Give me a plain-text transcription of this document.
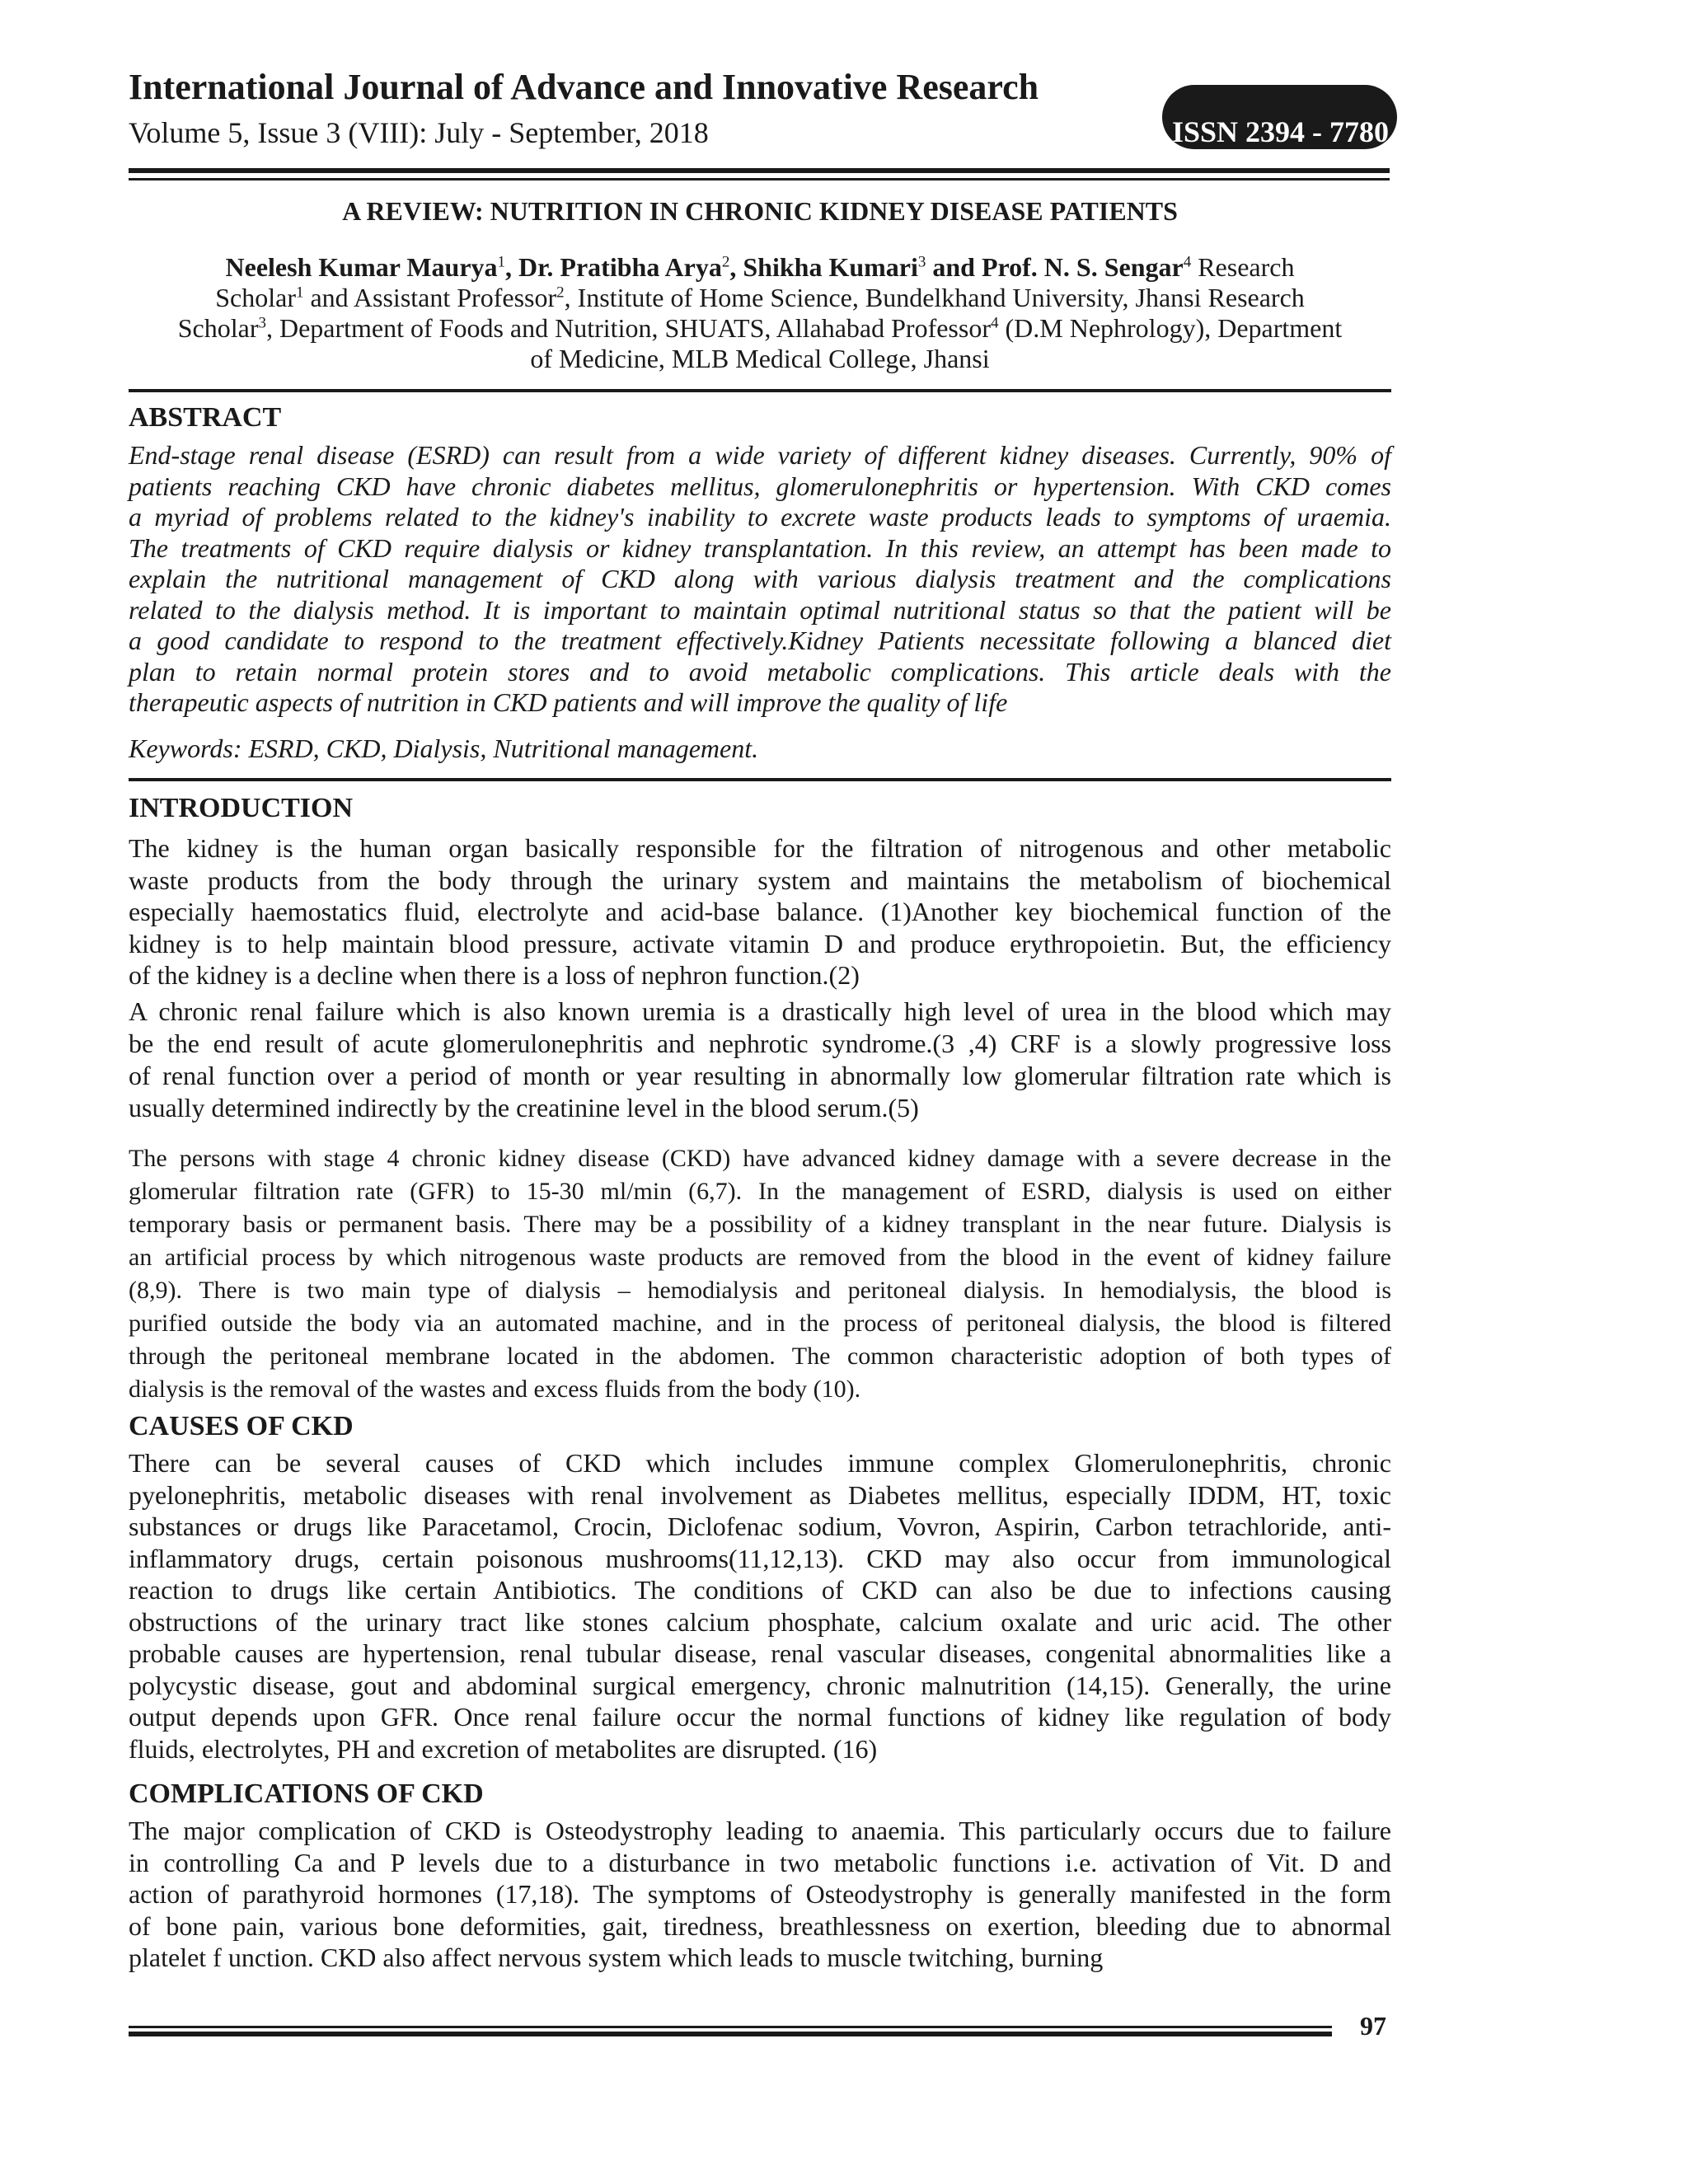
International Journal of Advance and Innovative Research
Volume 5, Issue 3 (VIII): July - September, 2018	ISSN 2394 - 7780
A REVIEW: NUTRITION IN CHRONIC KIDNEY DISEASE PATIENTS
Neelesh Kumar Maurya$^1$, Dr. Pratibha Arya$^2$, Shikha Kumari$^3$ and Prof. N. S. Sengar$^4$ Research
Scholar$^1$ and Assistant Professor$^2$, Institute of Home Science, Bundelkhand University, Jhansi Research
Scholar$^3$, Department of Foods and Nutrition, SHUATS, Allahabad Professor$^4$ (D.M Nephrology), Department
of Medicine, MLB Medical College, Jhansi
ABSTRACT
End-stage renal disease (ESRD) can result from a wide variety of different kidney diseases. Currently, 90% of
patients reaching CKD have chronic diabetes mellitus, glomerulonephritis or hypertension. With CKD comes
a myriad of problems related to the kidney's inability to excrete waste products leads to symptoms of uraemia.
The treatments of CKD require dialysis or kidney transplantation. In this review, an attempt has been made to
explain the nutritional management of CKD along with various dialysis treatment and the complications
related to the dialysis method. It is important to maintain optimal nutritional status so that the patient will be
a good candidate to respond to the treatment effectively.Kidney Patients necessitate following a blanced diet
plan to retain normal protein stores and to avoid metabolic complications. This article deals with the
therapeutic aspects of nutrition in CKD patients and will improve the quality of life
Keywords: ESRD, CKD, Dialysis, Nutritional management.
INTRODUCTION
The kidney is the human organ basically responsible for the filtration of nitrogenous and other metabolic
waste products from the body through the urinary system and maintains the metabolism of biochemical
especially haemostatics fluid, electrolyte and acid-base balance. (1)Another key biochemical function of the
kidney is to help maintain blood pressure, activate vitamin D and produce erythropoietin. But, the efficiency
of the kidney is a decline when there is a loss of nephron function.(2)
A chronic renal failure which is also known uremia is a drastically high level of urea in the blood which may
be the end result of acute glomerulonephritis and nephrotic syndrome.(3 ,4) CRF is a slowly progressive loss
of renal function over a period of month or year resulting in abnormally low glomerular filtration rate which is
usually determined indirectly by the creatinine level in the blood serum.(5)
The persons with stage 4 chronic kidney disease (CKD) have advanced kidney damage with a severe decrease in the
glomerular filtration rate (GFR) to 15-30 ml/min (6,7). In the management of ESRD, dialysis is used on either
temporary basis or permanent basis. There may be a possibility of a kidney transplant in the near future. Dialysis is
an artificial process by which nitrogenous waste products are removed from the blood in the event of kidney failure
(8,9). There is two main type of dialysis – hemodialysis and peritoneal dialysis. In hemodialysis, the blood is
purified outside the body via an automated machine, and in the process of peritoneal dialysis, the blood is filtered
through the peritoneal membrane located in the abdomen. The common characteristic adoption of both types of
dialysis is the removal of the wastes and excess fluids from the body (10).
CAUSES OF CKD
There can be several causes of CKD which includes immune complex Glomerulonephritis, chronic
pyelonephritis, metabolic diseases with renal involvement as Diabetes mellitus, especially IDDM, HT, toxic
substances or drugs like Paracetamol, Crocin, Diclofenac sodium, Vovron, Aspirin, Carbon tetrachloride, anti-
inflammatory drugs, certain poisonous mushrooms(11,12,13). CKD may also occur from immunological
reaction to drugs like certain Antibiotics. The conditions of CKD can also be due to infections causing
obstructions of the urinary tract like stones calcium phosphate, calcium oxalate and uric acid. The other
probable causes are hypertension, renal tubular disease, renal vascular diseases, congenital abnormalities like a
polycystic disease, gout and abdominal surgical emergency, chronic malnutrition (14,15). Generally, the urine
output depends upon GFR. Once renal failure occur the normal functions of kidney like regulation of body
fluids, electrolytes, PH and excretion of metabolites are disrupted. (16)
COMPLICATIONS OF CKD
The major complication of CKD is Osteodystrophy leading to anaemia. This particularly occurs due to failure
in controlling Ca and P levels due to a disturbance in two metabolic functions i.e. activation of Vit. D and
action of parathyroid hormones (17,18). The symptoms of Osteodystrophy is generally manifested in the form
of bone pain, various bone deformities, gait, tiredness, breathlessness on exertion, bleeding due to abnormal
platelet f unction. CKD also affect nervous system which leads to muscle twitching, burning
97
